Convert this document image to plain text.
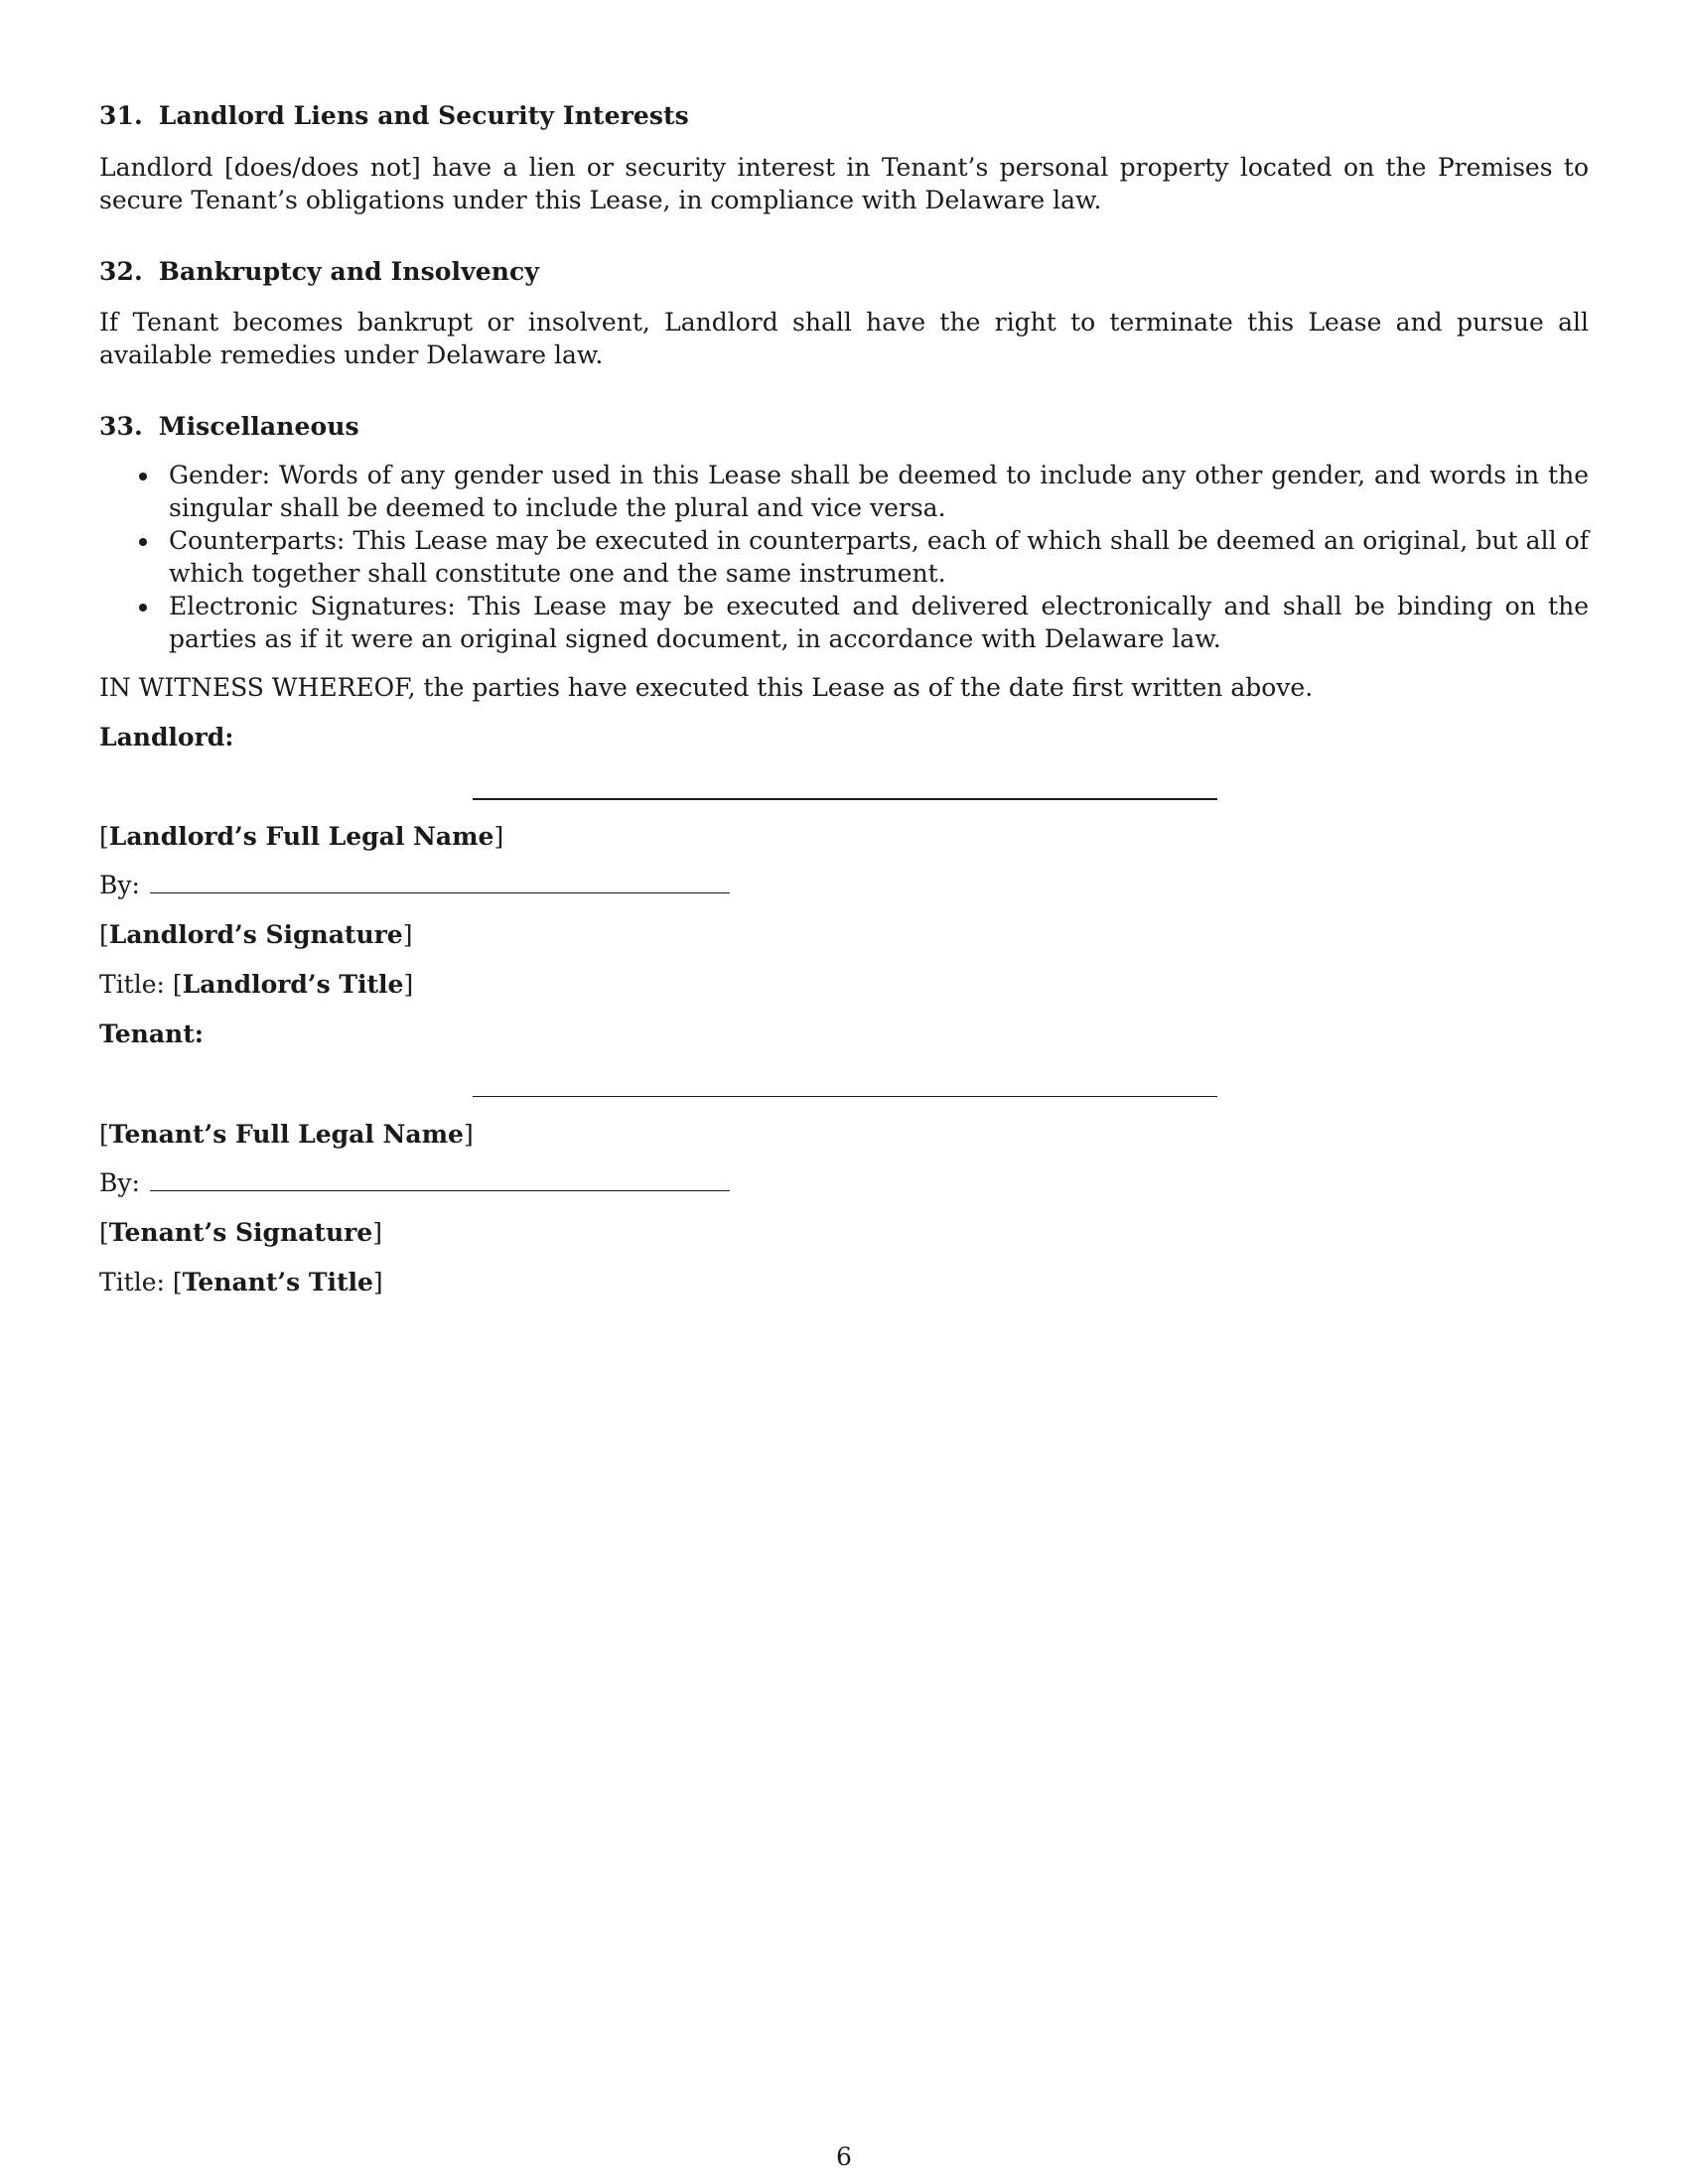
31. Landlord Liens and Security Interests

Landlord [does/does not] have a lien or security interest in Tenant’s personal property located on the Premises to secure Tenant’s obligations under this Lease, in compliance with Delaware law.

32. Bankruptcy and Insolvency

If Tenant becomes bankrupt or insolvent, Landlord shall have the right to terminate this Lease and pursue all available remedies under Delaware law.

33. Miscellaneous
Gender: Words of any gender used in this Lease shall be deemed to include any other gender, and words in the singular shall be deemed to include the plural and vice versa.
Counterparts: This Lease may be executed in counterparts, each of which shall be deemed an original, but all of which together shall constitute one and the same instrument.
Electronic Signatures: This Lease may be executed and delivered electronically and shall be binding on the parties as if it were an original signed document, in accordance with Delaware law.

IN WITNESS WHEREOF, the parties have executed this Lease as of the date first written above.

Landlord:

[Landlord’s Full Legal Name]

By:

[Landlord’s Signature]

Title: [Landlord’s Title]

Tenant:

[Tenant’s Full Legal Name]

By:

[Tenant’s Signature]

Title: [Tenant’s Title]

6
